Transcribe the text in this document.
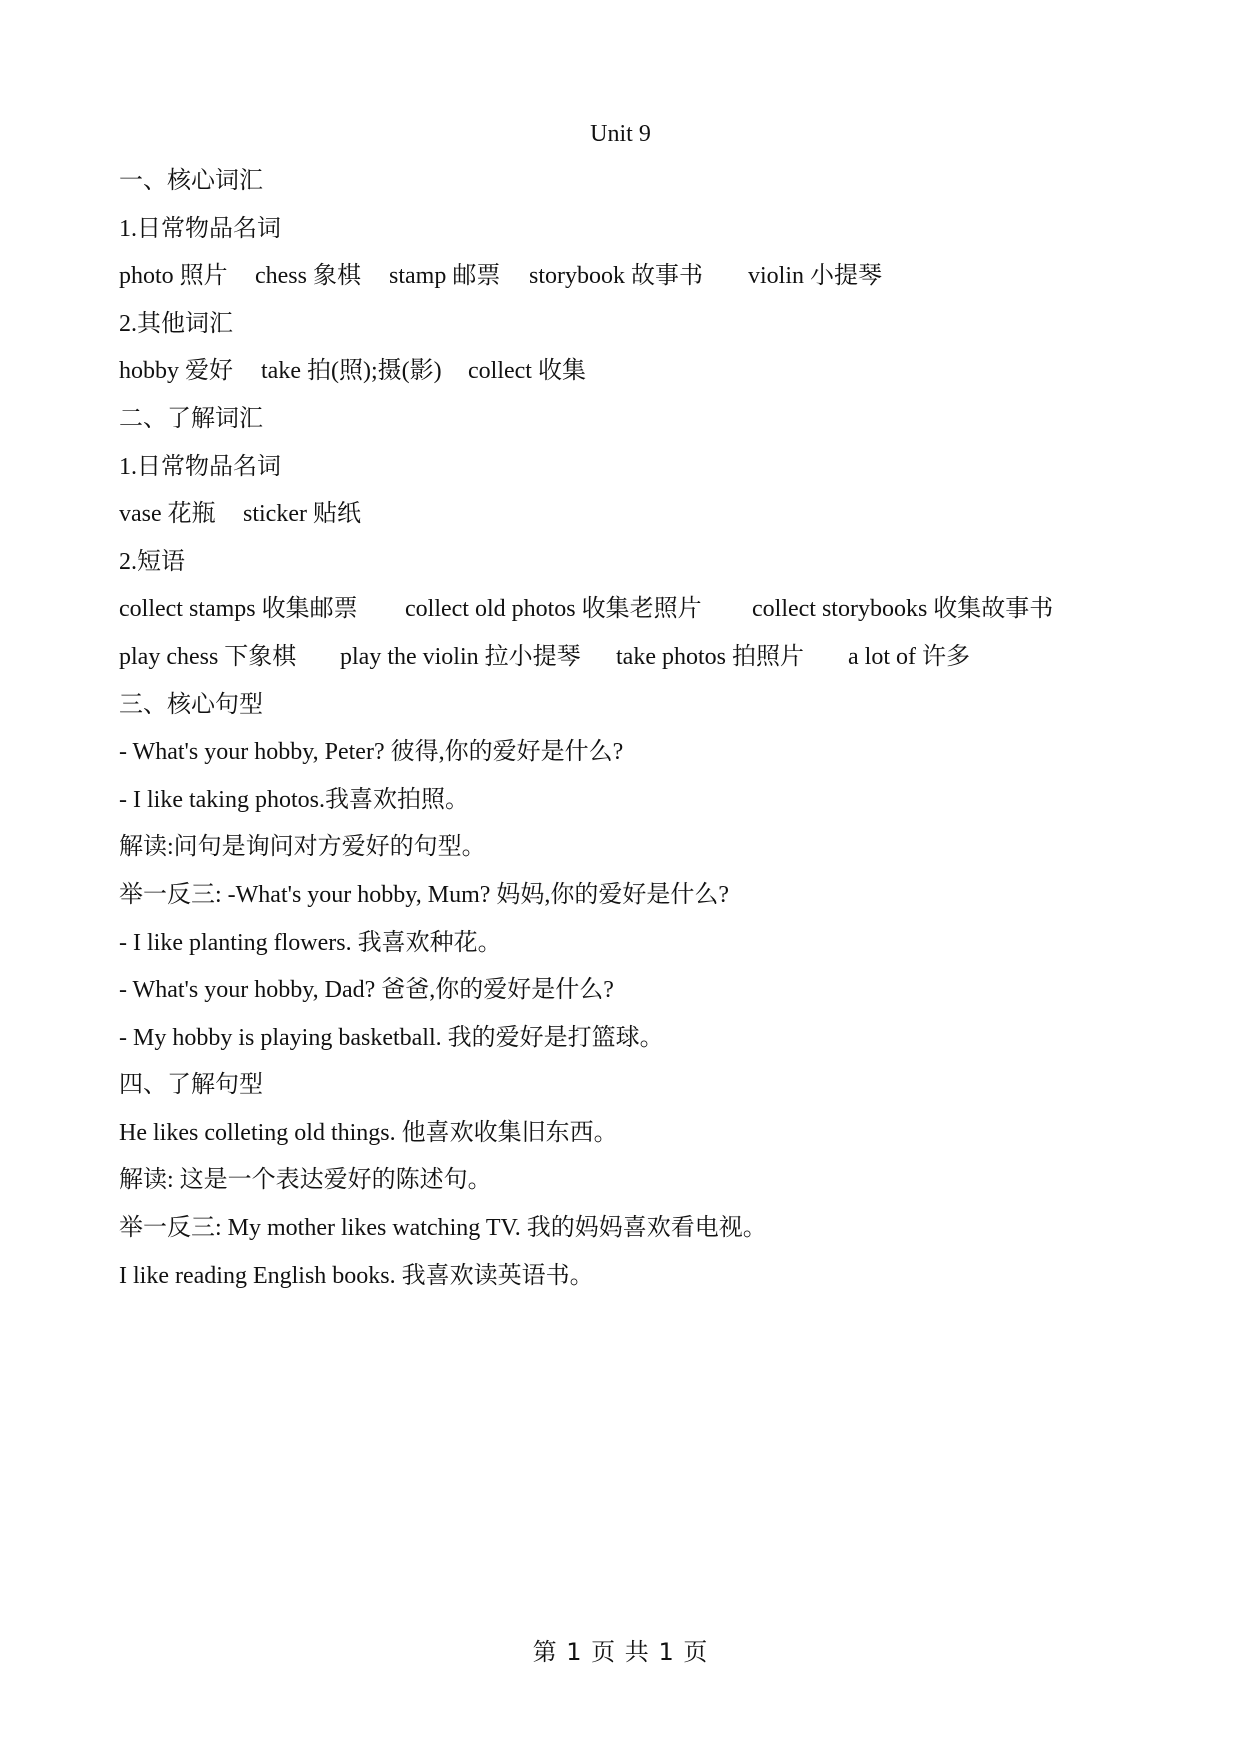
Unit 9
一、核心词汇
1.日常物品名词
photo 照片 chess 象棋 stamp 邮票 storybook 故事书 violin 小提琴
2.其他词汇
hobby 爱好 take 拍(照);摄(影) collect 收集
二、了解词汇
1.日常物品名词
vase 花瓶 sticker 贴纸
2.短语
collect stamps 收集邮票 collect old photos 收集老照片 collect storybooks 收集故事书
play chess 下象棋 play the violin 拉小提琴 take photos 拍照片 a lot of 许多
三、核心句型
- What's your hobby, Peter? 彼得,你的爱好是什么?
- I like taking photos.我喜欢拍照。
解读:问句是询问对方爱好的句型。
举一反三: -What's your hobby, Mum? 妈妈,你的爱好是什么?
- I like planting flowers. 我喜欢种花。
- What's your hobby, Dad? 爸爸,你的爱好是什么?
- My hobby is playing basketball. 我的爱好是打篮球。
四、了解句型
He likes colleting old things. 他喜欢收集旧东西。
解读: 这是一个表达爱好的陈述句。
举一反三: My mother likes watching TV. 我的妈妈喜欢看电视。
I like reading English books. 我喜欢读英语书。
第 1 页 共 1 页
